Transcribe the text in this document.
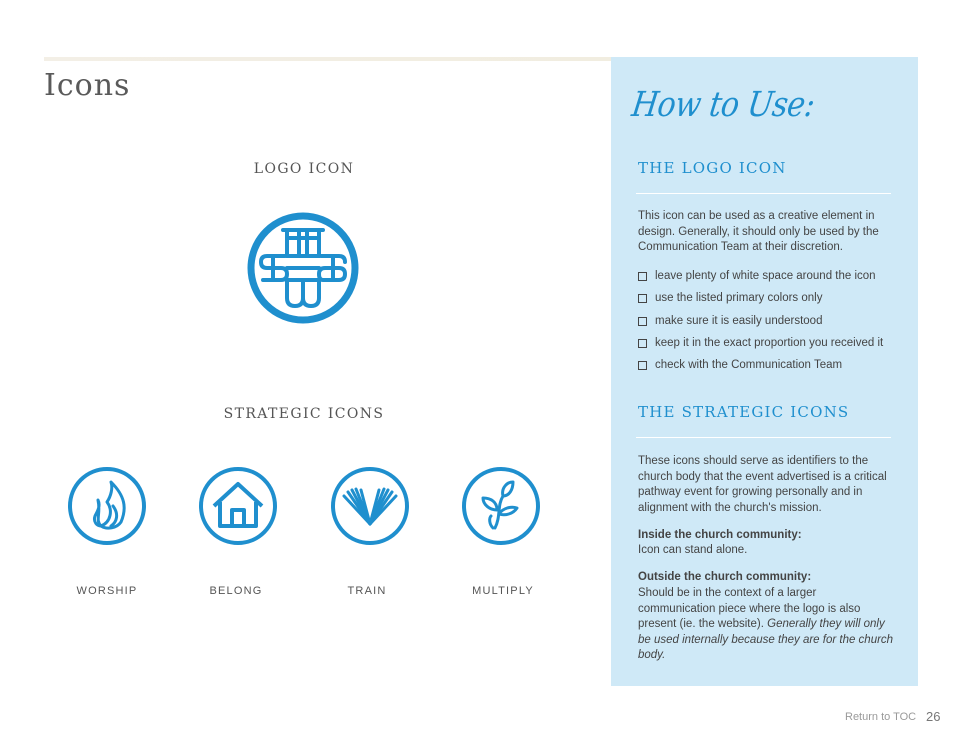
Icons
LOGO ICON
STRATEGIC ICONS
WORSHIP	BELONG	TRAIN	MULTIPLY
How to Use:
THE LOGO ICON
This icon can be used as a creative element in design. Generally, it should only be used by the Communication Team at their discretion.
leave plenty of white space around the icon
use the listed primary colors only
make sure it is easily understood
keep it in the exact proportion you received it
check with the Communication Team
THE STRATEGIC ICONS
These icons should serve as identifiers to the church body that the event advertised is a critical pathway event for growing personally and in alignment with the church's mission.
Inside the church community:
Icon can stand alone.
Outside the church community:
Should be in the context of a larger communication piece where the logo is also present (ie. the website). Generally they will only be used internally because they are for the church body.
Return to TOC 26
